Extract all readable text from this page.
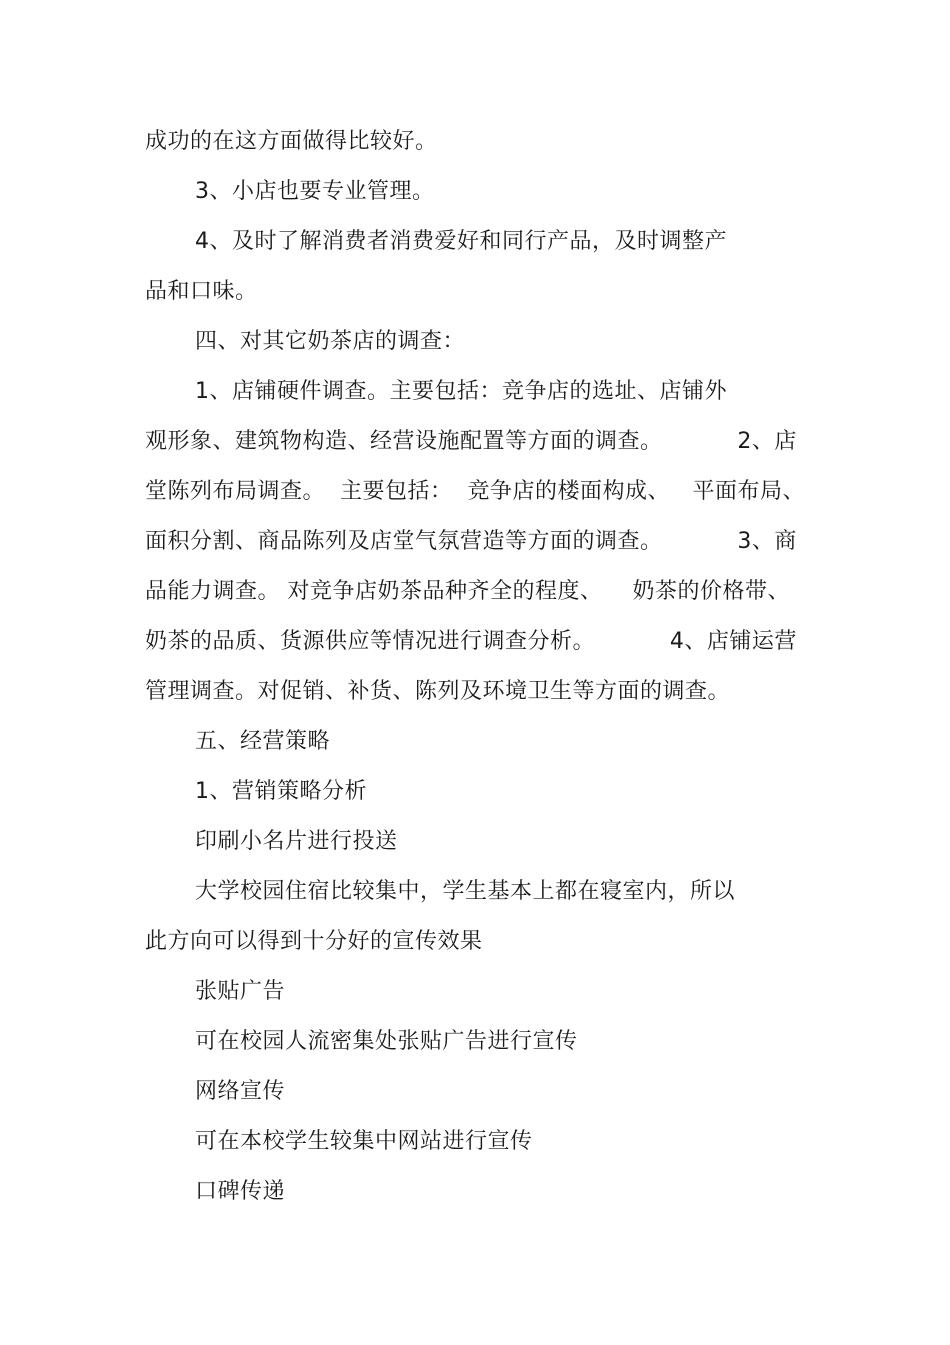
成功的在这方面做得比较好。
3、小店也要专业管理。
4、及时了解消费者消费爱好和同行产品，及时调整产
品和口味。
四、对其它奶茶店的调查：
1、店铺硬件调查。主要包括：竞争店的选址、店铺外
观形象、建筑物构造、经营设施配置等方面的调查。          2、店
堂陈列布局调查。  主要包括：  竞争店的楼面构成、   平面布局、
面积分割、商品陈列及店堂气氛营造等方面的调查。          3、商
品能力调查。 对竞争店奶茶品种齐全的程度、    奶茶的价格带、
奶茶的品质、货源供应等情况进行调查分析。          4、店铺运营
管理调查。对促销、补货、陈列及环境卫生等方面的调查。
五、经营策略
1、营销策略分析
印刷小名片进行投送
大学校园住宿比较集中，学生基本上都在寝室内，所以
此方向可以得到十分好的宣传效果
张贴广告
可在校园人流密集处张贴广告进行宣传
网络宣传
可在本校学生较集中网站进行宣传
口碑传递
